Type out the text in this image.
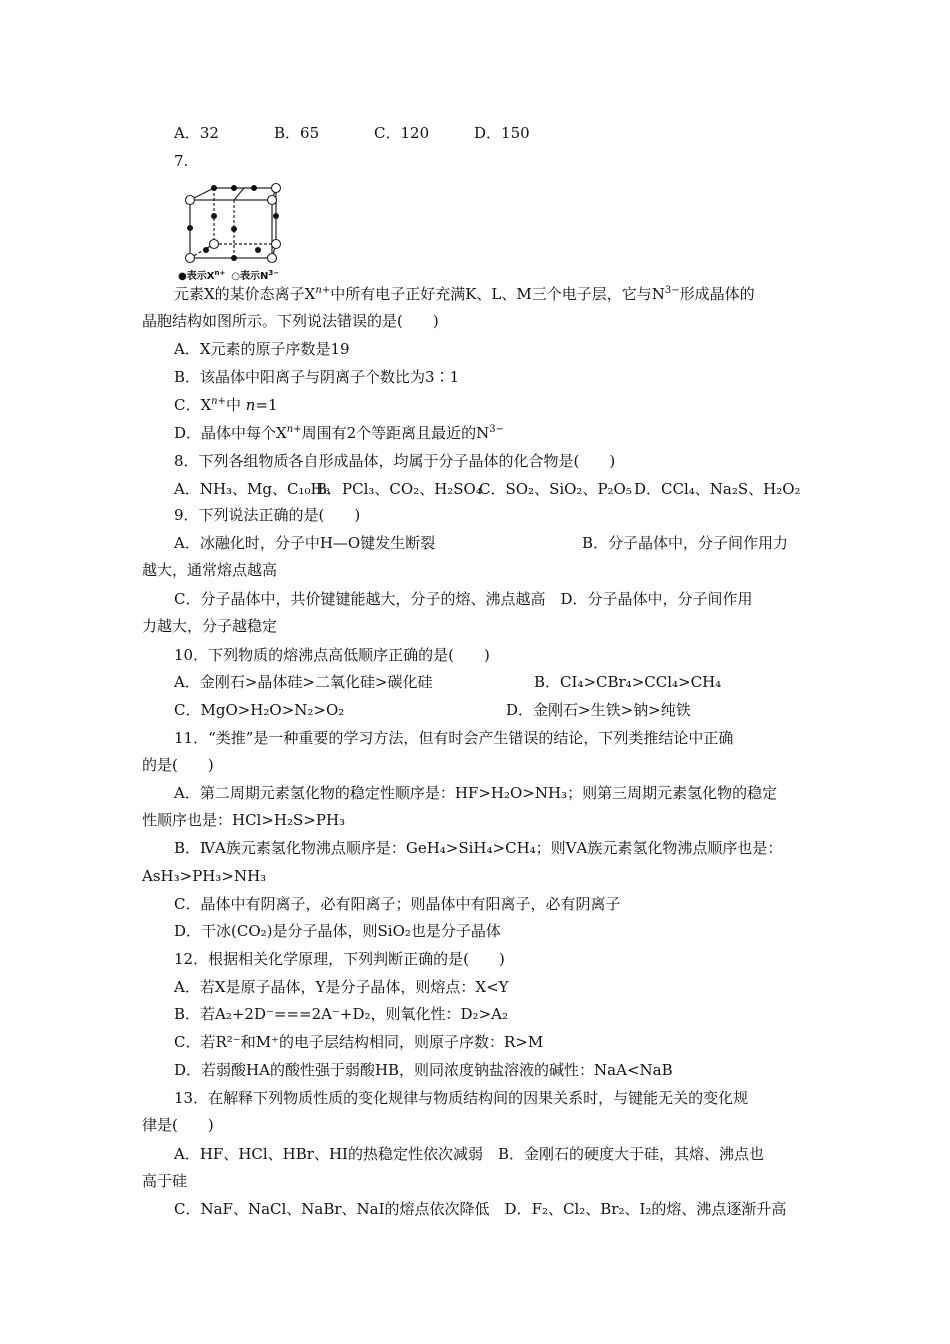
A．32	B．65	C．120	D．150
7.
●表示$X^{n+}$ ○表示$N^{3-}$
元素X的某价态离子$X^{n+}$中所有电子正好充满K、L、M三个电子层，它与$N^{3-}$形成晶体的
晶胞结构如图所示。下列说法错误的是(　　)
A．X元素的原子序数是19
B．该晶体中阳离子与阴离子个数比为3∶1
C．$X^{n+}$中 n=1
D．晶体中每个$X^{n+}$周围有2个等距离且最近的$N^{3-}$
8．下列各组物质各自形成晶体，均属于分子晶体的化合物是(　　)
A．NH₃、Mg、C₁₀H₈B．PCl₃、CO₂、H₂SO₄C．SO₂、SiO₂、P₂O₅ D．CCl₄、Na₂S、H₂O₂
9．下列说法正确的是(　　)
A．冰融化时，分子中H—O键发生断裂	B．分子晶体中，分子间作用力
越大，通常熔点越高
C．分子晶体中，共价键键能越大，分子的熔、沸点越高　D．分子晶体中，分子间作用
力越大，分子越稳定
10．下列物质的熔沸点高低顺序正确的是(　　)
A．金刚石>晶体硅>二氧化硅>碳化硅	B．CI₄>CBr₄>CCl₄>CH₄
C．MgO>H₂O>N₂>O₂	D．金刚石>生铁>钠>纯铁
11．“类推”是一种重要的学习方法，但有时会产生错误的结论，下列类推结论中正确
的是(　　)
A．第二周期元素氢化物的稳定性顺序是：HF>H₂O>NH₃；则第三周期元素氢化物的稳定
性顺序也是：HCl>H₂S>PH₃
B．ⅣA族元素氢化物沸点顺序是：GeH₄>SiH₄>CH₄；则ⅤA族元素氢化物沸点顺序也是：
AsH₃>PH₃>NH₃
C．晶体中有阴离子，必有阳离子；则晶体中有阳离子，必有阴离子
D．干冰(CO₂)是分子晶体，则SiO₂也是分子晶体
12．根据相关化学原理，下列判断正确的是(　　)
A．若X是原子晶体，Y是分子晶体，则熔点：X<Y
B．若A₂+2D⁻===2A⁻+D₂，则氧化性：D₂>A₂
C．若R²⁻和M⁺的电子层结构相同，则原子序数：R>M
D．若弱酸HA的酸性强于弱酸HB，则同浓度钠盐溶液的碱性：NaA<NaB
13．在解释下列物质性质的变化规律与物质结构间的因果关系时，与键能无关的变化规
律是(　　)
A．HF、HCl、HBr、HI的热稳定性依次减弱　B．金刚石的硬度大于硅，其熔、沸点也
高于硅
C．NaF、NaCl、NaBr、NaI的熔点依次降低　D．F₂、Cl₂、Br₂、I₂的熔、沸点逐渐升高
